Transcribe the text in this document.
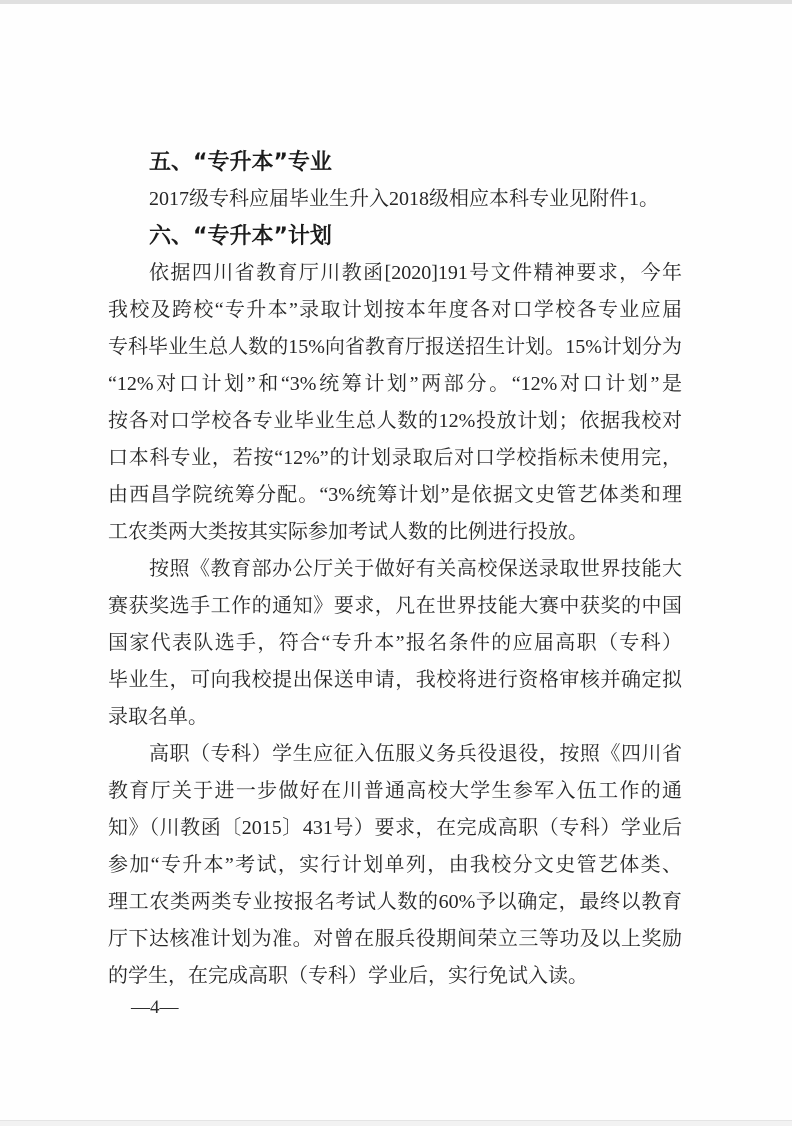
五、“专升本”专业
2017级专科应届毕业生升入2018级相应本科专业见附件1。
六、“专升本”计划
依据四川省教育厅川教函[2020]191号文件精神要求，今年
我校及跨校“专升本”录取计划按本年度各对口学校各专业应届
专科毕业生总人数的15%向省教育厅报送招生计划。15%计划分为
“12%对口计划”和“3%统筹计划”两部分。“12%对口计划”是
按各对口学校各专业毕业生总人数的12%投放计划；依据我校对
口本科专业，若按“12%”的计划录取后对口学校指标未使用完，
由西昌学院统筹分配。“3%统筹计划”是依据文史管艺体类和理
工农类两大类按其实际参加考试人数的比例进行投放。
按照《教育部办公厅关于做好有关高校保送录取世界技能大
赛获奖选手工作的通知》要求，凡在世界技能大赛中获奖的中国
国家代表队选手，符合“专升本”报名条件的应届高职（专科）
毕业生，可向我校提出保送申请，我校将进行资格审核并确定拟
录取名单。
高职（专科）学生应征入伍服义务兵役退役，按照《四川省
教育厅关于进一步做好在川普通高校大学生参军入伍工作的通
知》（川教函〔2015〕431号）要求，在完成高职（专科）学业后
参加“专升本”考试，实行计划单列，由我校分文史管艺体类、
理工农类两类专业按报名考试人数的60%予以确定，最终以教育
厅下达核准计划为准。对曾在服兵役期间荣立三等功及以上奖励
的学生，在完成高职（专科）学业后，实行免试入读。
—4—
